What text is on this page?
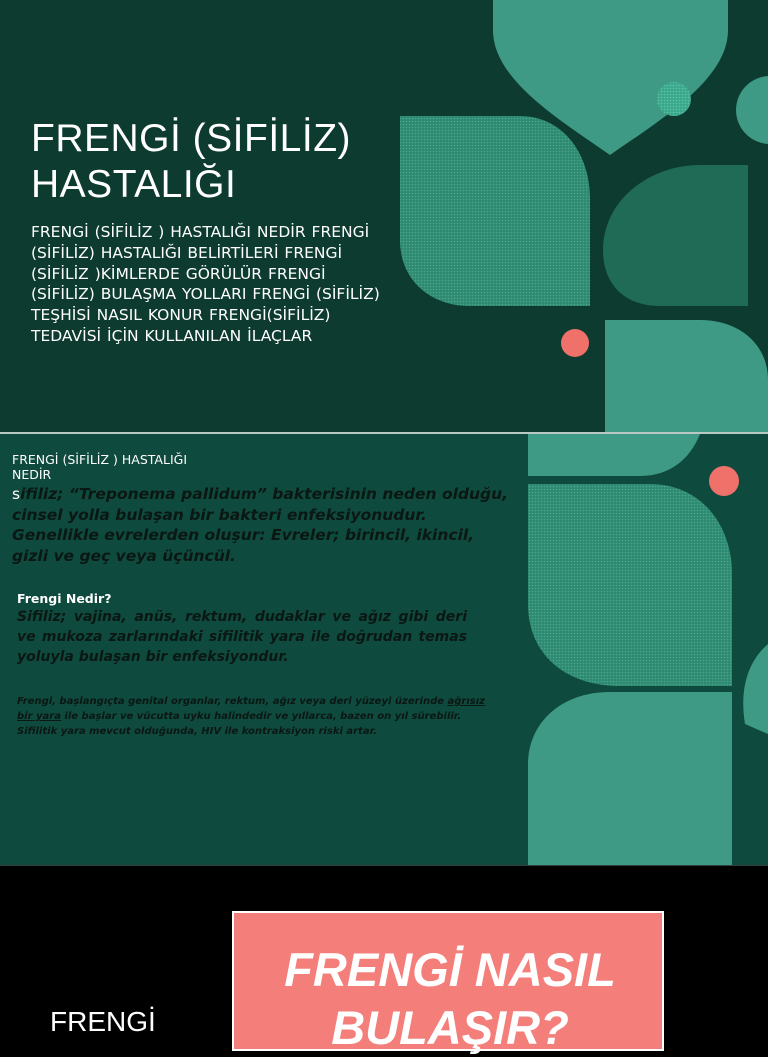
FRENGİ (SİFİLİZ)
HASTALIĞI

FRENGİ (SİFİLİZ ) HASTALIĞI NEDİR FRENGİ (SİFİLİZ) HASTALIĞI BELİRTİLERİ FRENGİ (SİFİLİZ )KİMLERDE GÖRÜLÜR FRENGİ (SİFİLİZ) BULAŞMA YOLLARI FRENGİ (SİFİLİZ) TEŞHİSİ NASIL KONUR FRENGİ(SİFİLİZ) TEDAVİSİ İÇİN KULLANILAN İLAÇLAR

FRENGİ (SİFİLİZ ) HASTALIĞI
NEDİR

sifiliz; “Treponema pallidum” bakterisinin neden olduğu, cinsel yolla bulaşan bir bakteri enfeksiyonudur. Genellikle evrelerden oluşur: Evreler; birincil, ikincil, gizli ve geç veya üçüncül.

Frengi Nedir?

Sifiliz; vajina, anüs, rektum, dudaklar ve ağız gibi deri ve mukoza zarlarındaki sifilitik yara ile doğrudan temas yoluyla bulaşan bir enfeksiyondur.

Frengi, başlangıçta genital organlar, rektum, ağız veya deri yüzeyi üzerinde ağrısız bir yara ile başlar ve vücutta uyku halindedir ve yıllarca, bazen on yıl sürebilir. Sifilitik yara mevcut olduğunda, HIV ile kontraksiyon riski artar.

FRENGİ NASIL
BULAŞIR?

FRENGİ
